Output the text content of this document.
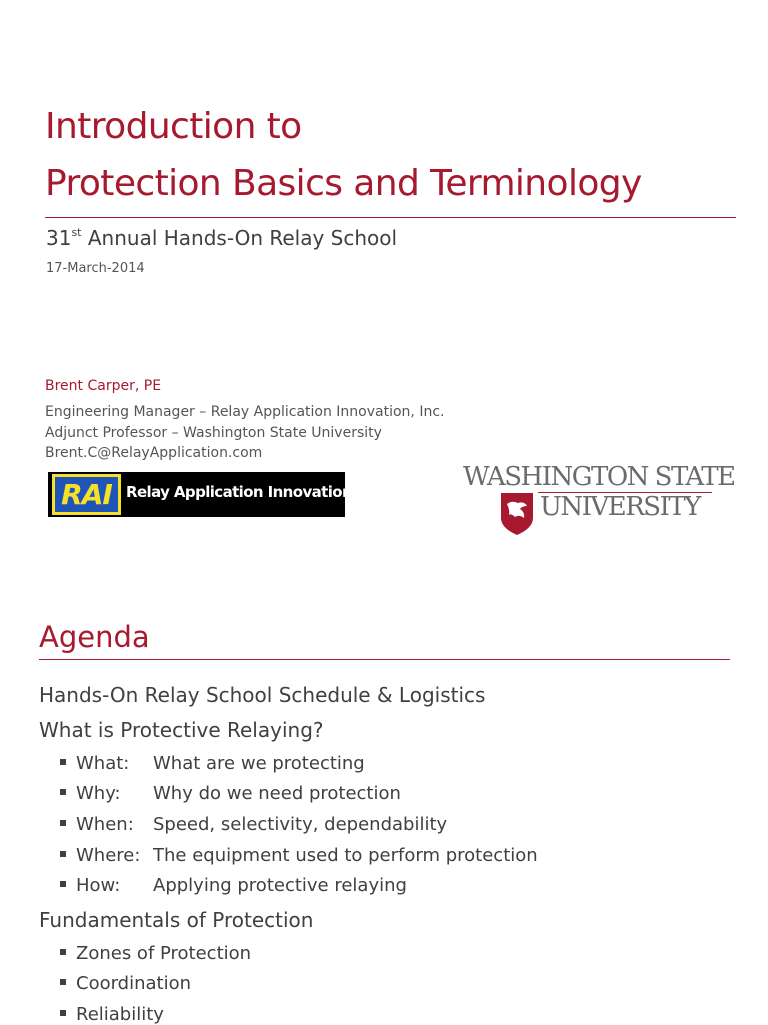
Introduction to
Protection Basics and Terminology
31st Annual Hands-On Relay School
17-March-2014
Brent Carper, PE
Engineering Manager – Relay Application Innovation, Inc.
Adjunct Professor – Washington State University
Brent.C@RelayApplication.com
RAI Relay Application Innovation, Inc.	WASHINGTON STATE
UNIVERSITY
Agenda
Hands-On Relay School Schedule & Logistics
What is Protective Relaying?
What: What are we protecting
Why: Why do we need protection
When: Speed, selectivity, dependability
Where: The equipment used to perform protection
How: Applying protective relaying
Fundamentals of Protection
Zones of Protection
Coordination
Reliability
